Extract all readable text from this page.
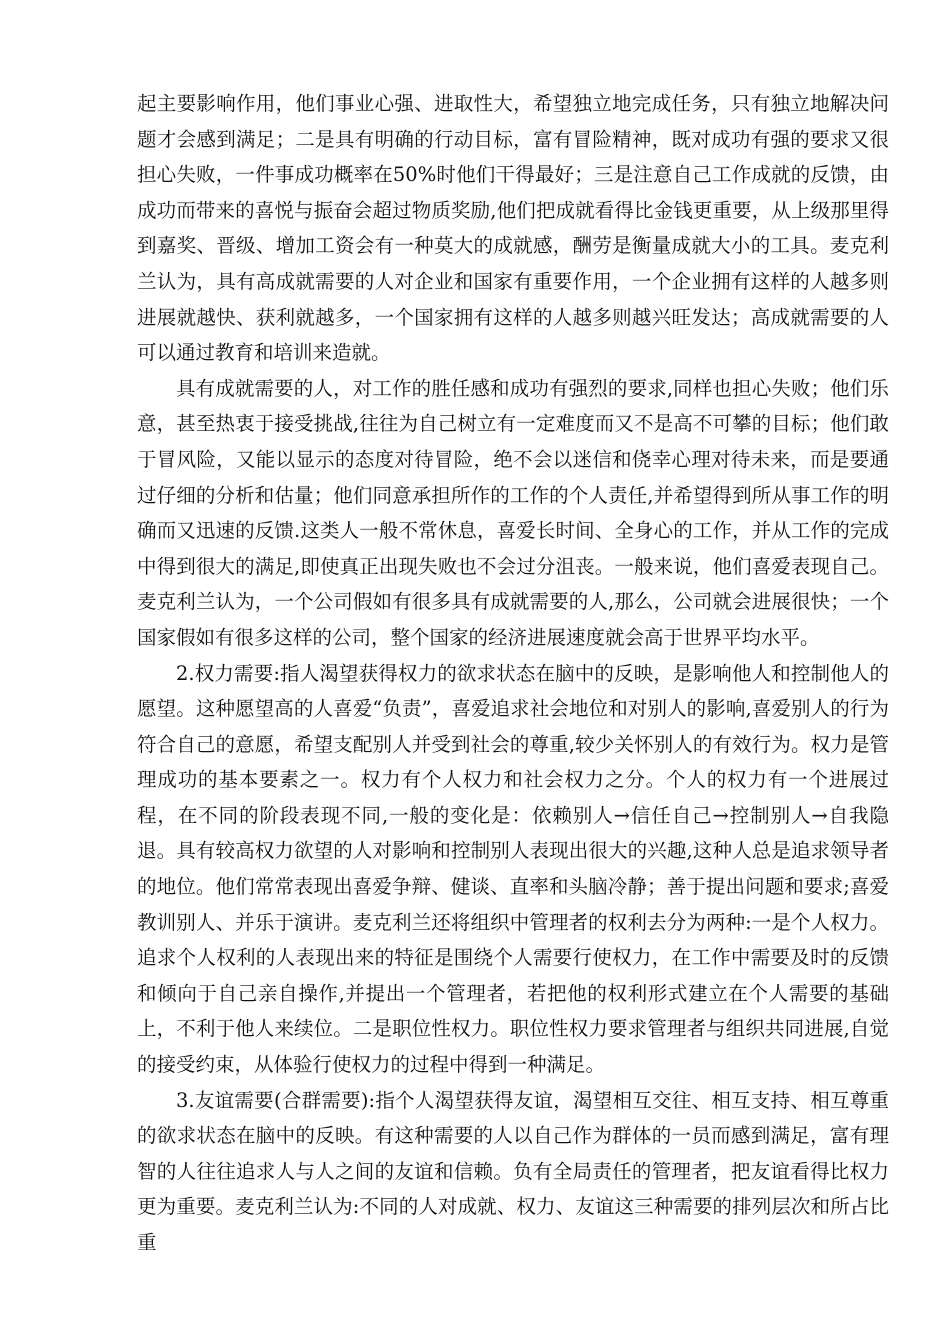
起主要影响作用，他们事业心强、进取性大，希望独立地完成任务，只有独立地解决问题才会感到满足；二是具有明确的行动目标，富有冒险精神，既对成功有强的要求又很担心失败，一件事成功概率在50%时他们干得最好；三是注意自己工作成就的反馈，由成功而带来的喜悦与振奋会超过物质奖励,他们把成就看得比金钱更重要，从上级那里得到嘉奖、晋级、增加工资会有一种莫大的成就感，酬劳是衡量成就大小的工具。麦克利兰认为，具有高成就需要的人对企业和国家有重要作用，一个企业拥有这样的人越多则进展就越快、获利就越多，一个国家拥有这样的人越多则越兴旺发达；高成就需要的人可以通过教育和培训来造就。

具有成就需要的人，对工作的胜任感和成功有强烈的要求,同样也担心失败；他们乐意，甚至热衷于接受挑战,往往为自己树立有一定难度而又不是高不可攀的目标；他们敢于冒风险，又能以显示的态度对待冒险，绝不会以迷信和侥幸心理对待未来，而是要通过仔细的分析和估量；他们同意承担所作的工作的个人责任,并希望得到所从事工作的明确而又迅速的反馈.这类人一般不常休息，喜爱长时间、全身心的工作，并从工作的完成中得到很大的满足,即使真正出现失败也不会过分沮丧。一般来说，他们喜爱表现自己。麦克利兰认为，一个公司假如有很多具有成就需要的人,那么，公司就会进展很快；一个国家假如有很多这样的公司，整个国家的经济进展速度就会高于世界平均水平。

2.权力需要:指人渴望获得权力的欲求状态在脑中的反映，是影响他人和控制他人的愿望。这种愿望高的人喜爱“负责”，喜爱追求社会地位和对别人的影响,喜爱别人的行为符合自己的意愿，希望支配别人并受到社会的尊重,较少关怀别人的有效行为。权力是管理成功的基本要素之一。权力有个人权力和社会权力之分。个人的权力有一个进展过程，在不同的阶段表现不同,一般的变化是：依赖别人→信任自己→控制别人→自我隐退。具有较高权力欲望的人对影响和控制别人表现出很大的兴趣,这种人总是追求领导者的地位。他们常常表现出喜爱争辩、健谈、直率和头脑冷静；善于提出问题和要求;喜爱教训别人、并乐于演讲。麦克利兰还将组织中管理者的权利去分为两种:一是个人权力。追求个人权利的人表现出来的特征是围绕个人需要行使权力，在工作中需要及时的反馈和倾向于自己亲自操作,并提出一个管理者，若把他的权利形式建立在个人需要的基础上，不利于他人来续位。二是职位性权力。职位性权力要求管理者与组织共同进展,自觉的接受约束，从体验行使权力的过程中得到一种满足。

3.友谊需要(合群需要):指个人渴望获得友谊，渴望相互交往、相互支持、相互尊重的欲求状态在脑中的反映。有这种需要的人以自己作为群体的一员而感到满足，富有理智的人往往追求人与人之间的友谊和信赖。负有全局责任的管理者，把友谊看得比权力更为重要。麦克利兰认为:不同的人对成就、权力、友谊这三种需要的排列层次和所占比重
